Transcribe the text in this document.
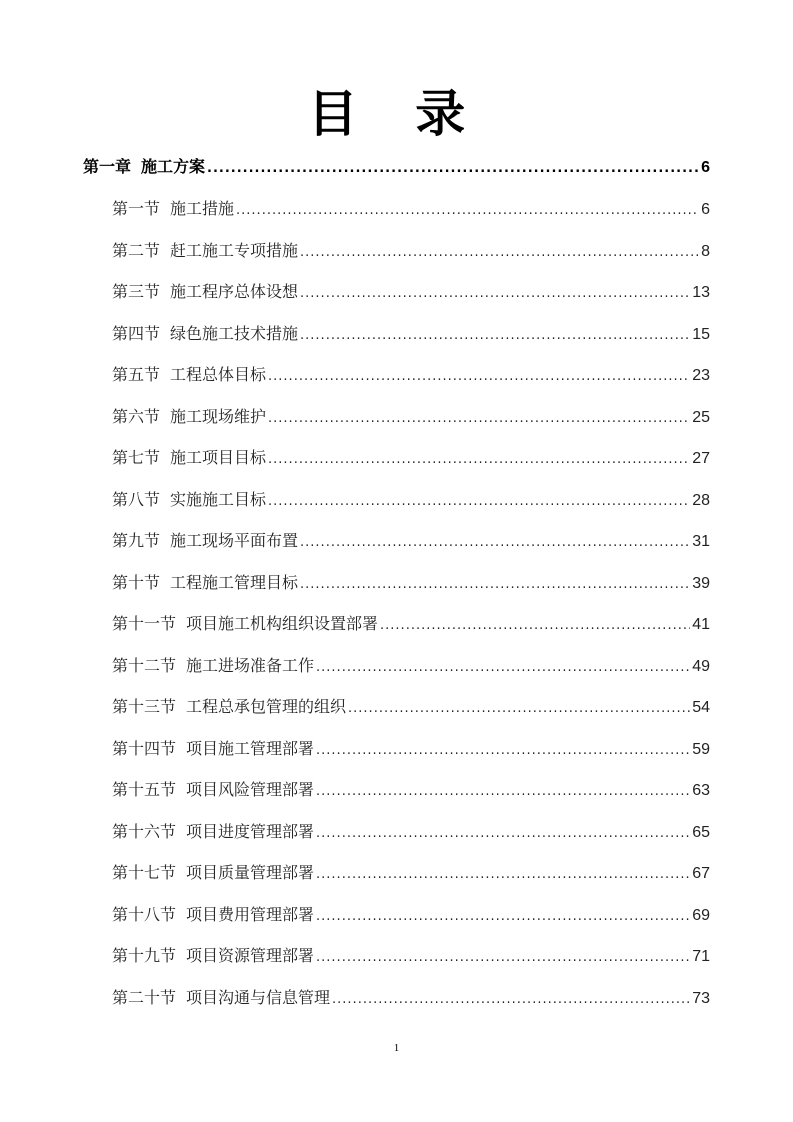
目 录
第一章 施工方案 .....	6
第一节 施工措施 .....	6
第二节 赶工施工专项措施 .....	8
第三节 施工程序总体设想 .....	13
第四节 绿色施工技术措施 .....	15
第五节 工程总体目标 .....	23
第六节 施工现场维护 .....	25
第七节 施工项目目标 .....	27
第八节 实施施工目标 .....	28
第九节 施工现场平面布置 .....	31
第十节 工程施工管理目标 .....	39
第十一节 项目施工机构组织设置部署 .....	41
第十二节 施工进场准备工作 .....	49
第十三节 工程总承包管理的组织 .....	54
第十四节 项目施工管理部署 .....	59
第十五节 项目风险管理部署 .....	63
第十六节 项目进度管理部署 .....	65
第十七节 项目质量管理部署 .....	67
第十八节 项目费用管理部署 .....	69
第十九节 项目资源管理部署 .....	71
第二十节 项目沟通与信息管理 .....	73
1
